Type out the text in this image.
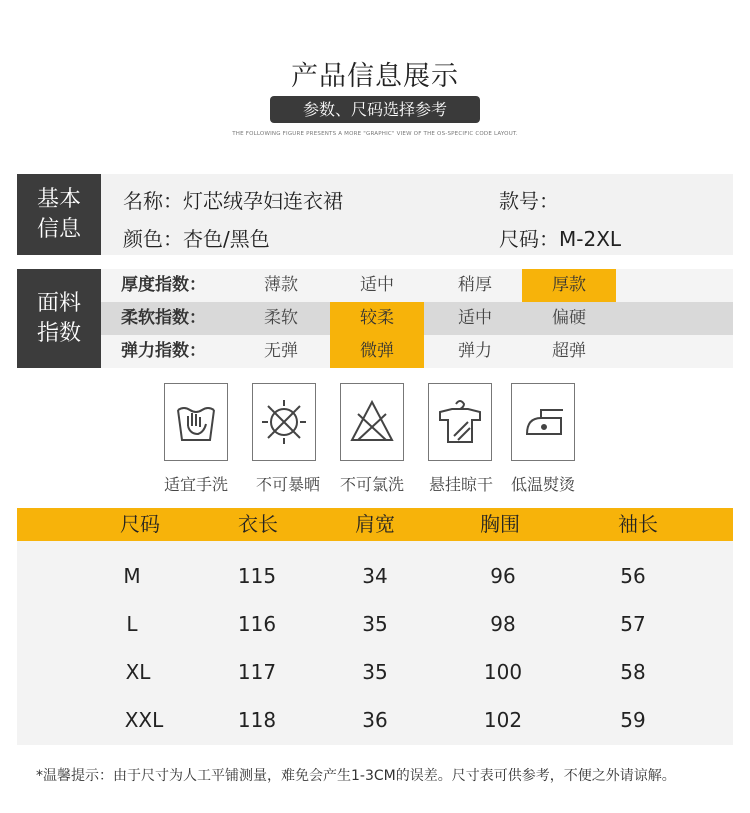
产品信息展示
参数、尺码选择参考
THE FOLLOWING FIGURE PRESENTS A MORE "GRAPHIC" VIEW OF THE OS-SPECIFIC CODE LAYOUT.
基本
信息
名称：灯芯绒孕妇连衣裙	款号：
颜色：杏色/黑色	尺码：M-2XL
面料
指数
厚度指数：	薄款	适中	稍厚	厚款
柔软指数：	柔软	较柔	适中	偏硬
弹力指数：	无弹	微弹	弹力	超弹
适宜手洗	不可暴晒	不可氯洗	悬挂晾干	低温熨烫
尺码	衣长	肩宽	胸围	袖长
M	115	34	96	56
L	116	35	98	57
XL	117	35	100	58
XXL	118	36	102	59
*温馨提示：由于尺寸为人工平铺测量，难免会产生1-3CM的误差。尺寸表可供参考，不便之外请谅解。
